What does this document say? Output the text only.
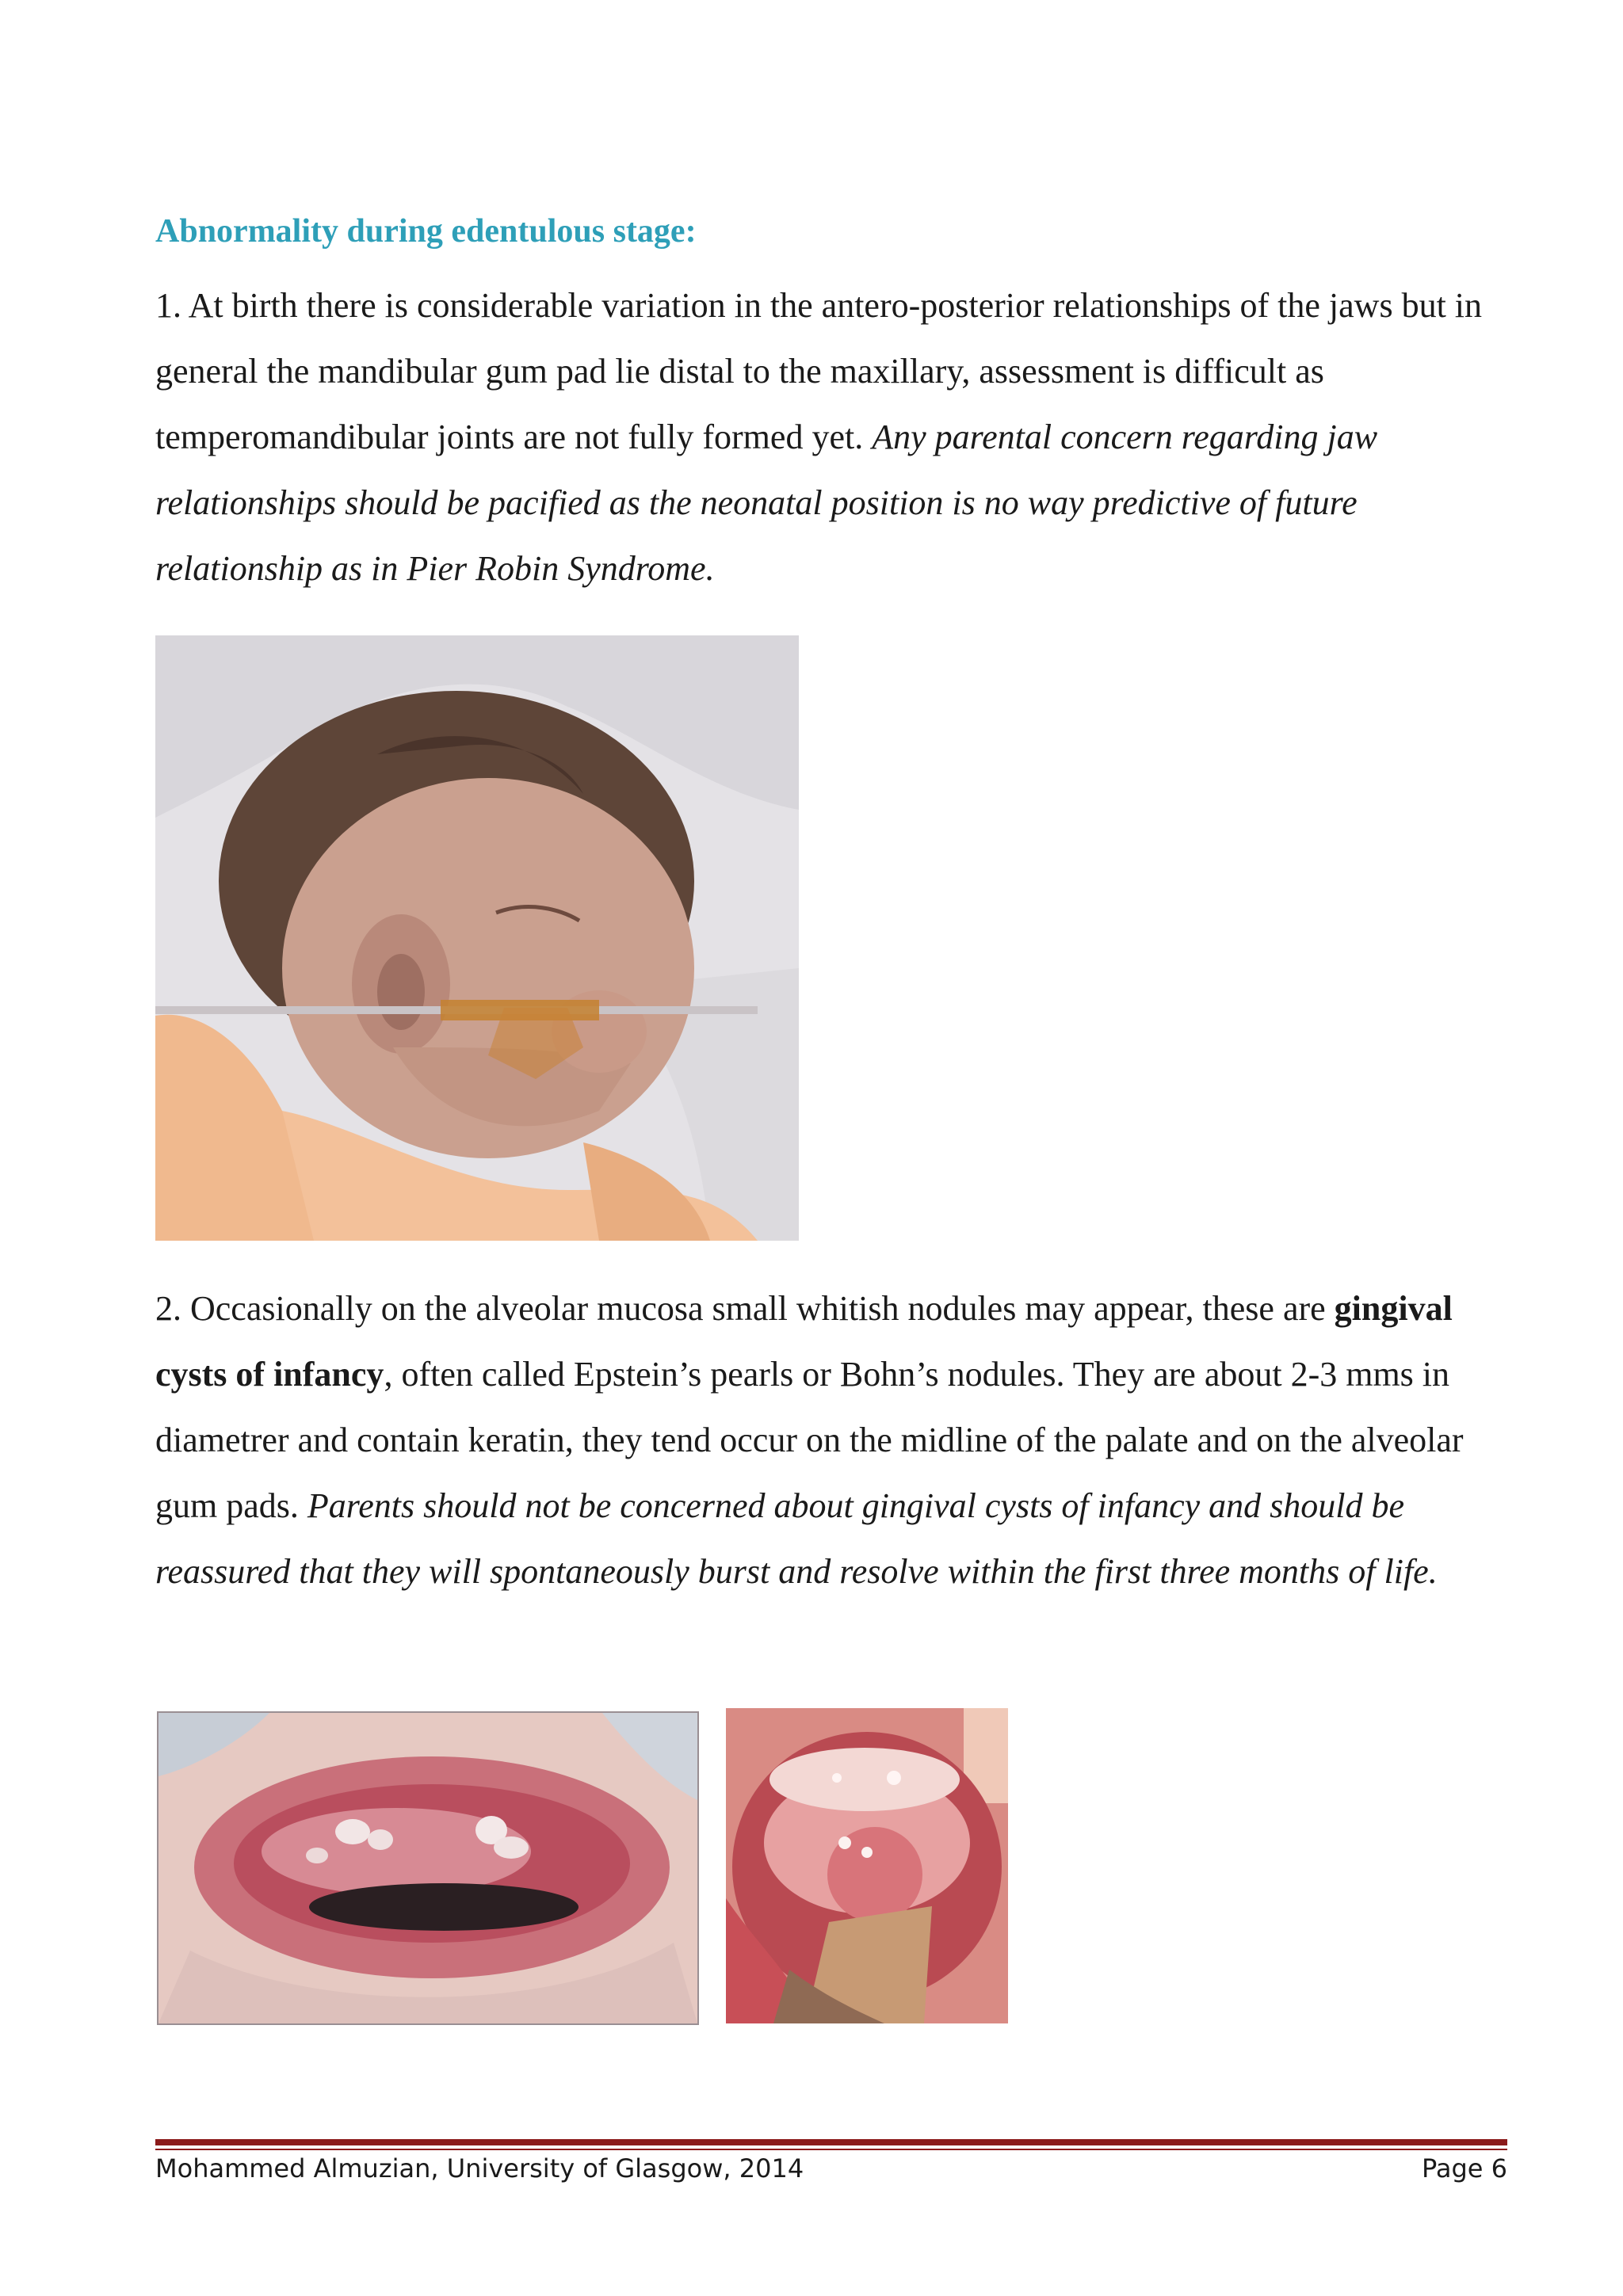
Abnormality during edentulous stage:

1. At birth there is considerable variation in the antero-posterior relationships of the jaws but in general the mandibular gum pad lie distal to the maxillary, assessment is difficult as temperomandibular joints are not fully formed yet. Any parental concern regarding jaw relationships should be pacified as the neonatal position is no way predictive of future relationship as in Pier Robin Syndrome.

2. Occasionally on the alveolar mucosa small whitish nodules may appear, these are gingival cysts of infancy, often called Epstein’s pearls or Bohn’s nodules. They are about 2-3 mms in diametrer and contain keratin, they tend occur on the midline of the palate and on the alveolar gum pads. Parents should not be concerned about gingival cysts of infancy and should be reassured that they will spontaneously burst and resolve within the first three months of life.

Mohammed Almuzian, University of Glasgow, 2014	Page 6
